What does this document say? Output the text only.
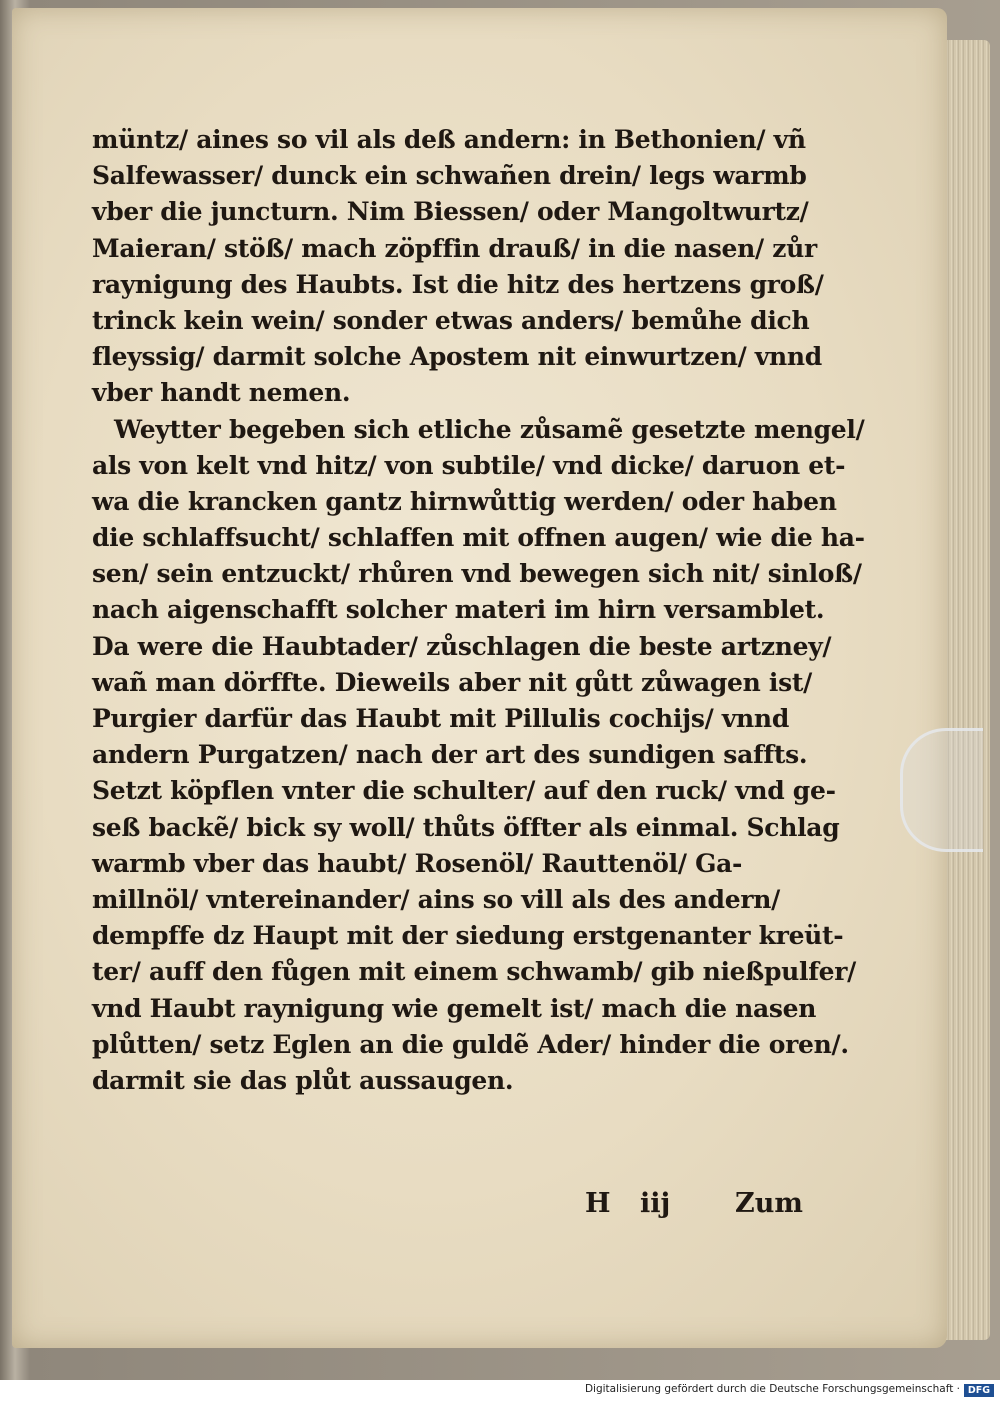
müntz/ aines so vil als deß andern: in Bethonien/ vñ
Salfewasser/ dunck ein schwañen drein/ legs warmb
vber die juncturn. Nim Biessen/ oder Mangoltwurtz/
Maieran/ stöß/ mach zöpffin drauß/ in die nasen/ zůr
raynigung des Haubts. Ist die hitz des hertzens groß/
trinck kein wein/ sonder etwas anders/ bemůhe dich
fleyssig/ darmit solche Apostem nit einwurtzen/ vnnd
vber handt nemen.
Weytter begeben sich etliche zůsamẽ gesetzte mengel/
als von kelt vnd hitz/ von subtile/ vnd dicke/ daruon et-
wa die krancken gantz hirnwůttig werden/ oder haben
die schlaffsucht/ schlaffen mit offnen augen/ wie die ha-
sen/ sein entzuckt/ rhůren vnd bewegen sich nit/ sinloß/
nach aigenschafft solcher materi im hirn versamblet.
Da were die Haubtader/ zůschlagen die beste artzney/
wañ man dörffte. Dieweils aber nit gůtt zůwagen ist/
Purgier darfür das Haubt mit Pillulis cochijs/ vnnd
andern Purgatzen/ nach der art des sundigen saffts.
Setzt köpflen vnter die schulter/ auf den ruck/ vnd ge-
seß backẽ/ bick sy woll/ thůts öffter als einmal. Schlag
warmb vber das haubt/ Rosenöl/ Rauttenöl/ Ga-
millnöl/ vntereinander/ ains so vill als des andern/
dempffe dz Haupt mit der siedung erstgenanter kreüt-
ter/ auff den fůgen mit einem schwamb/ gib nießpulfer/
vnd Haubt raynigung wie gemelt ist/ mach die nasen
plůtten/ setz Eglen an die guldẽ Ader/ hinder die oren/.
darmit sie das plůt aussaugen.
H iij Zum
Digitalisierung gefördert durch die Deutsche Forschungsgemeinschaft · DFG
